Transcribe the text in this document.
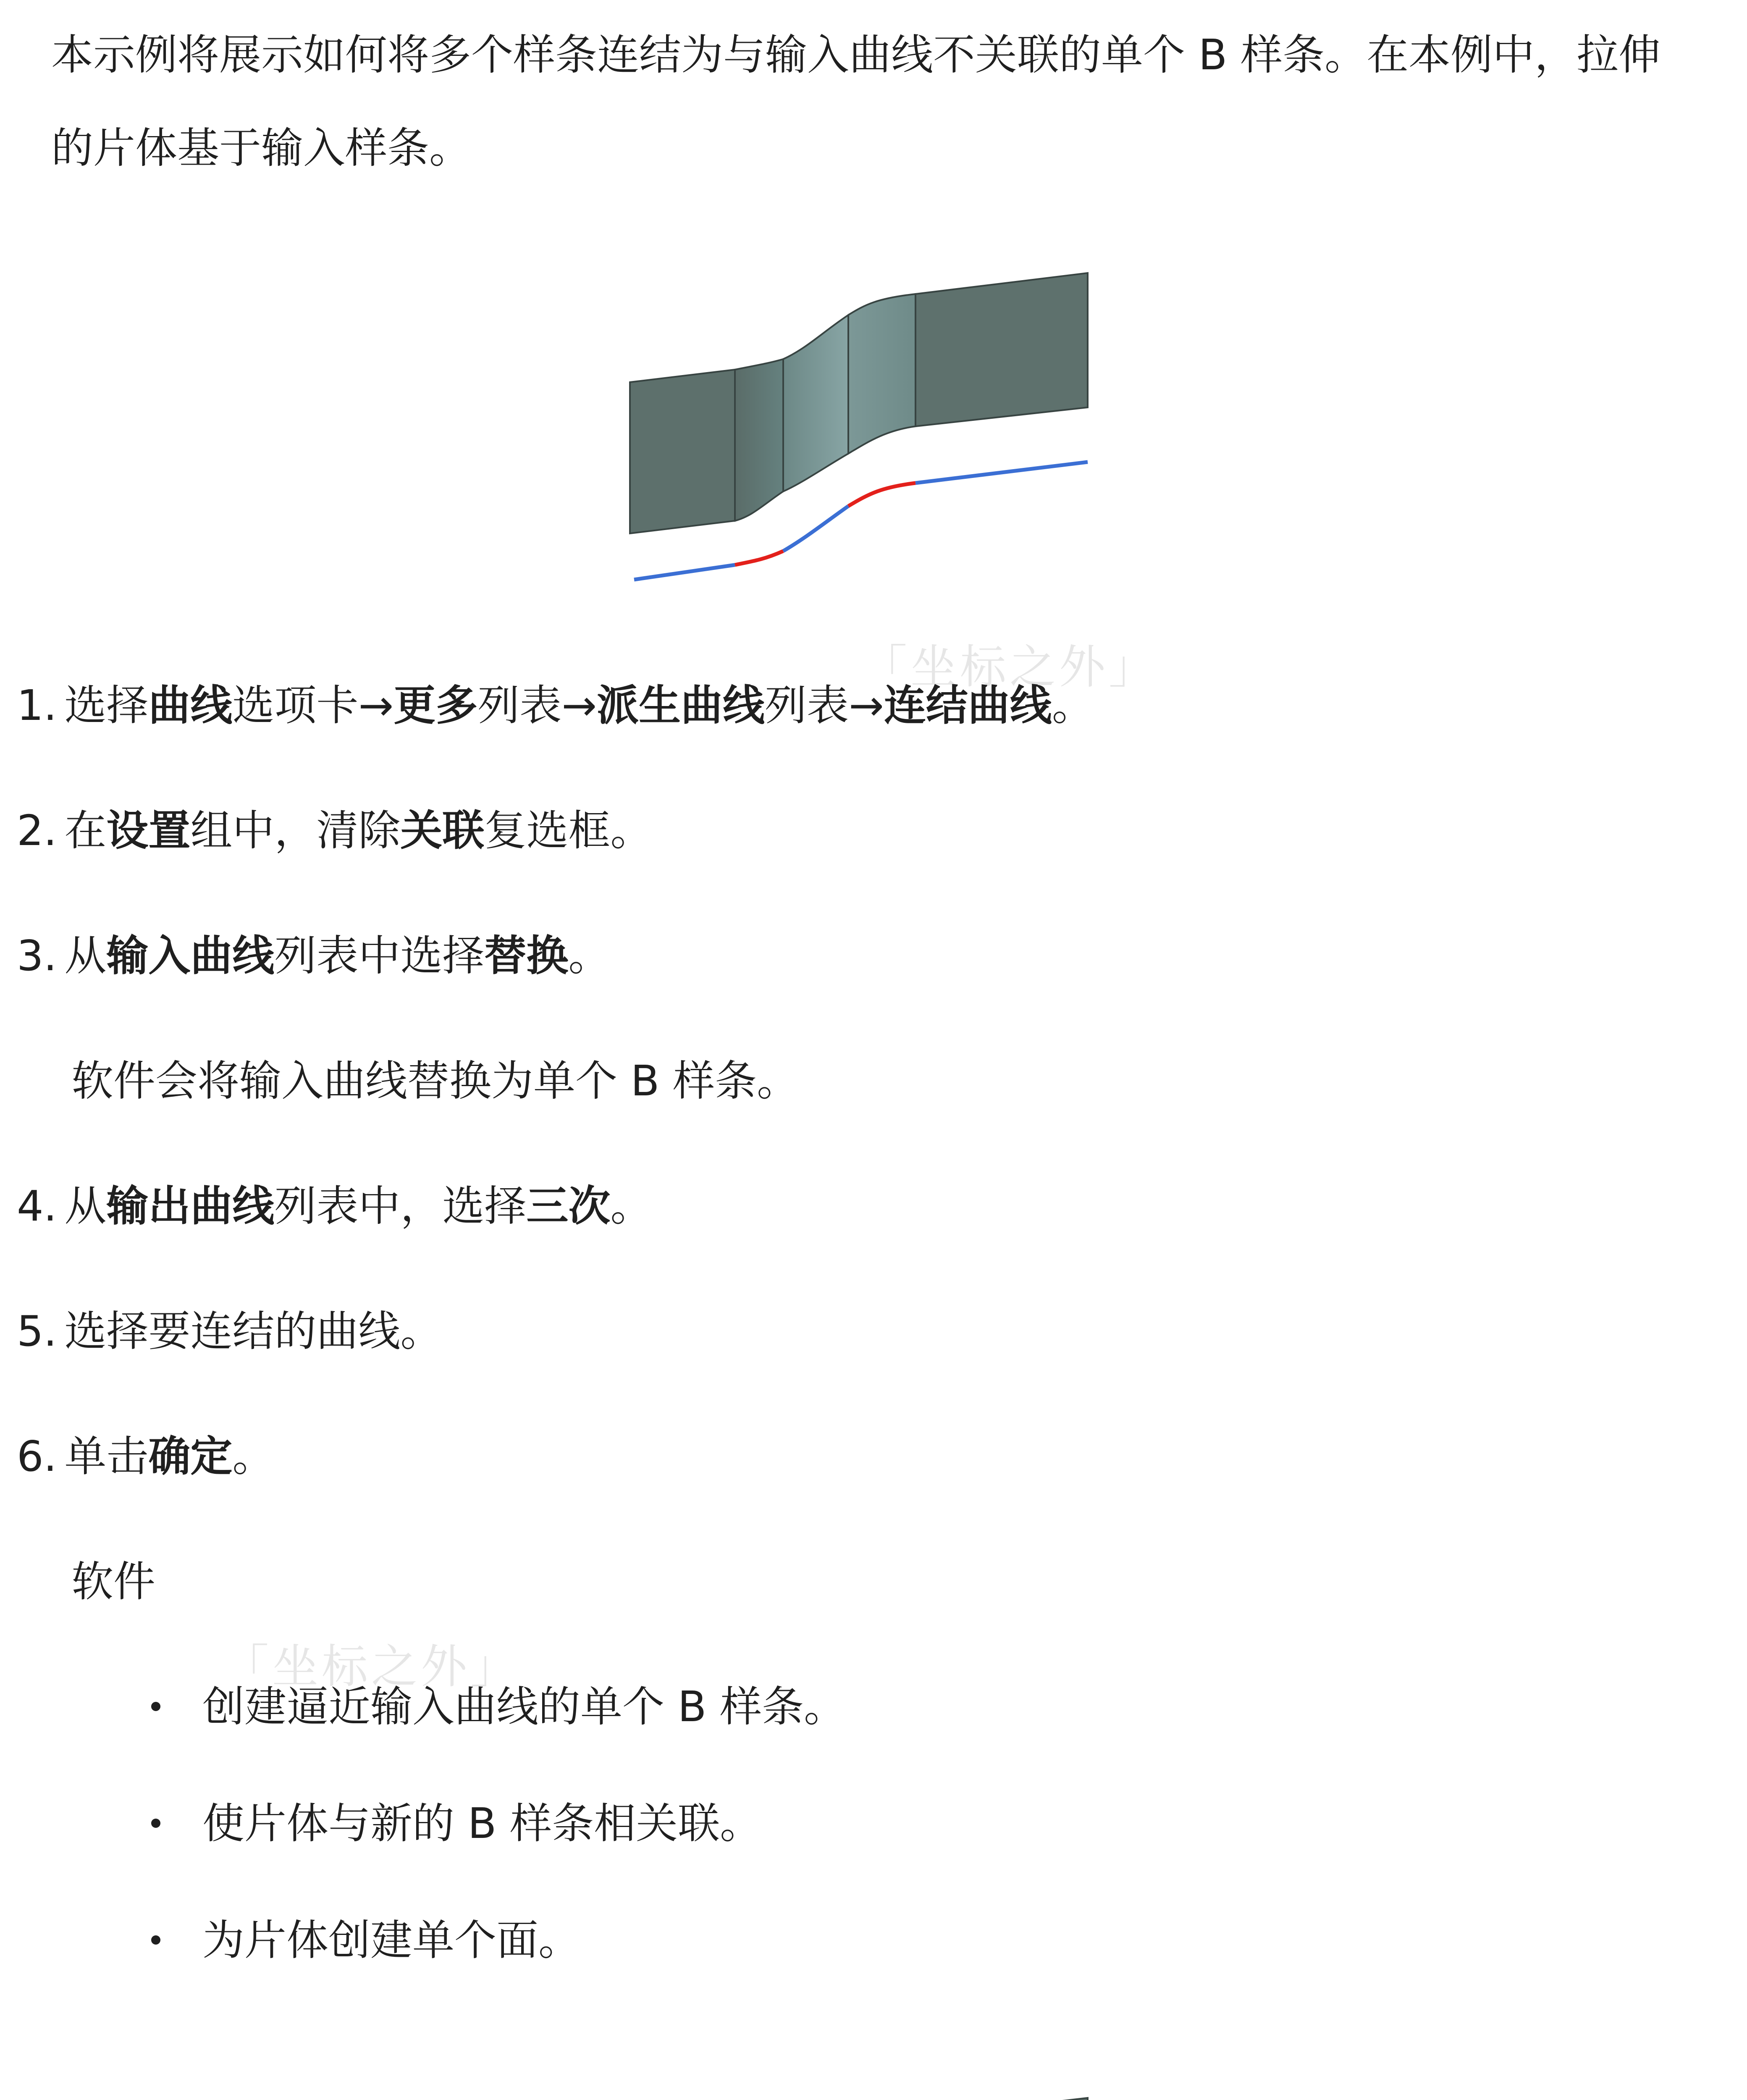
本示例将展示如何将多个样条连结为与输入曲线不关联的单个 B 样条。在本例中，拉伸的片体基于输入样条。

「坐标之外」
1. 选择曲线选项卡→更多列表→派生曲线列表→连结曲线。
2. 在设置组中，清除关联复选框。
3. 从输入曲线列表中选择替换。
软件会将输入曲线替换为单个 B 样条。
4. 从输出曲线列表中，选择三次。
5. 选择要连结的曲线。
6. 单击确定。
软件
「坐标之外」
创建逼近输入曲线的单个 B 样条。
使片体与新的 B 样条相关联。
为片体创建单个面。
